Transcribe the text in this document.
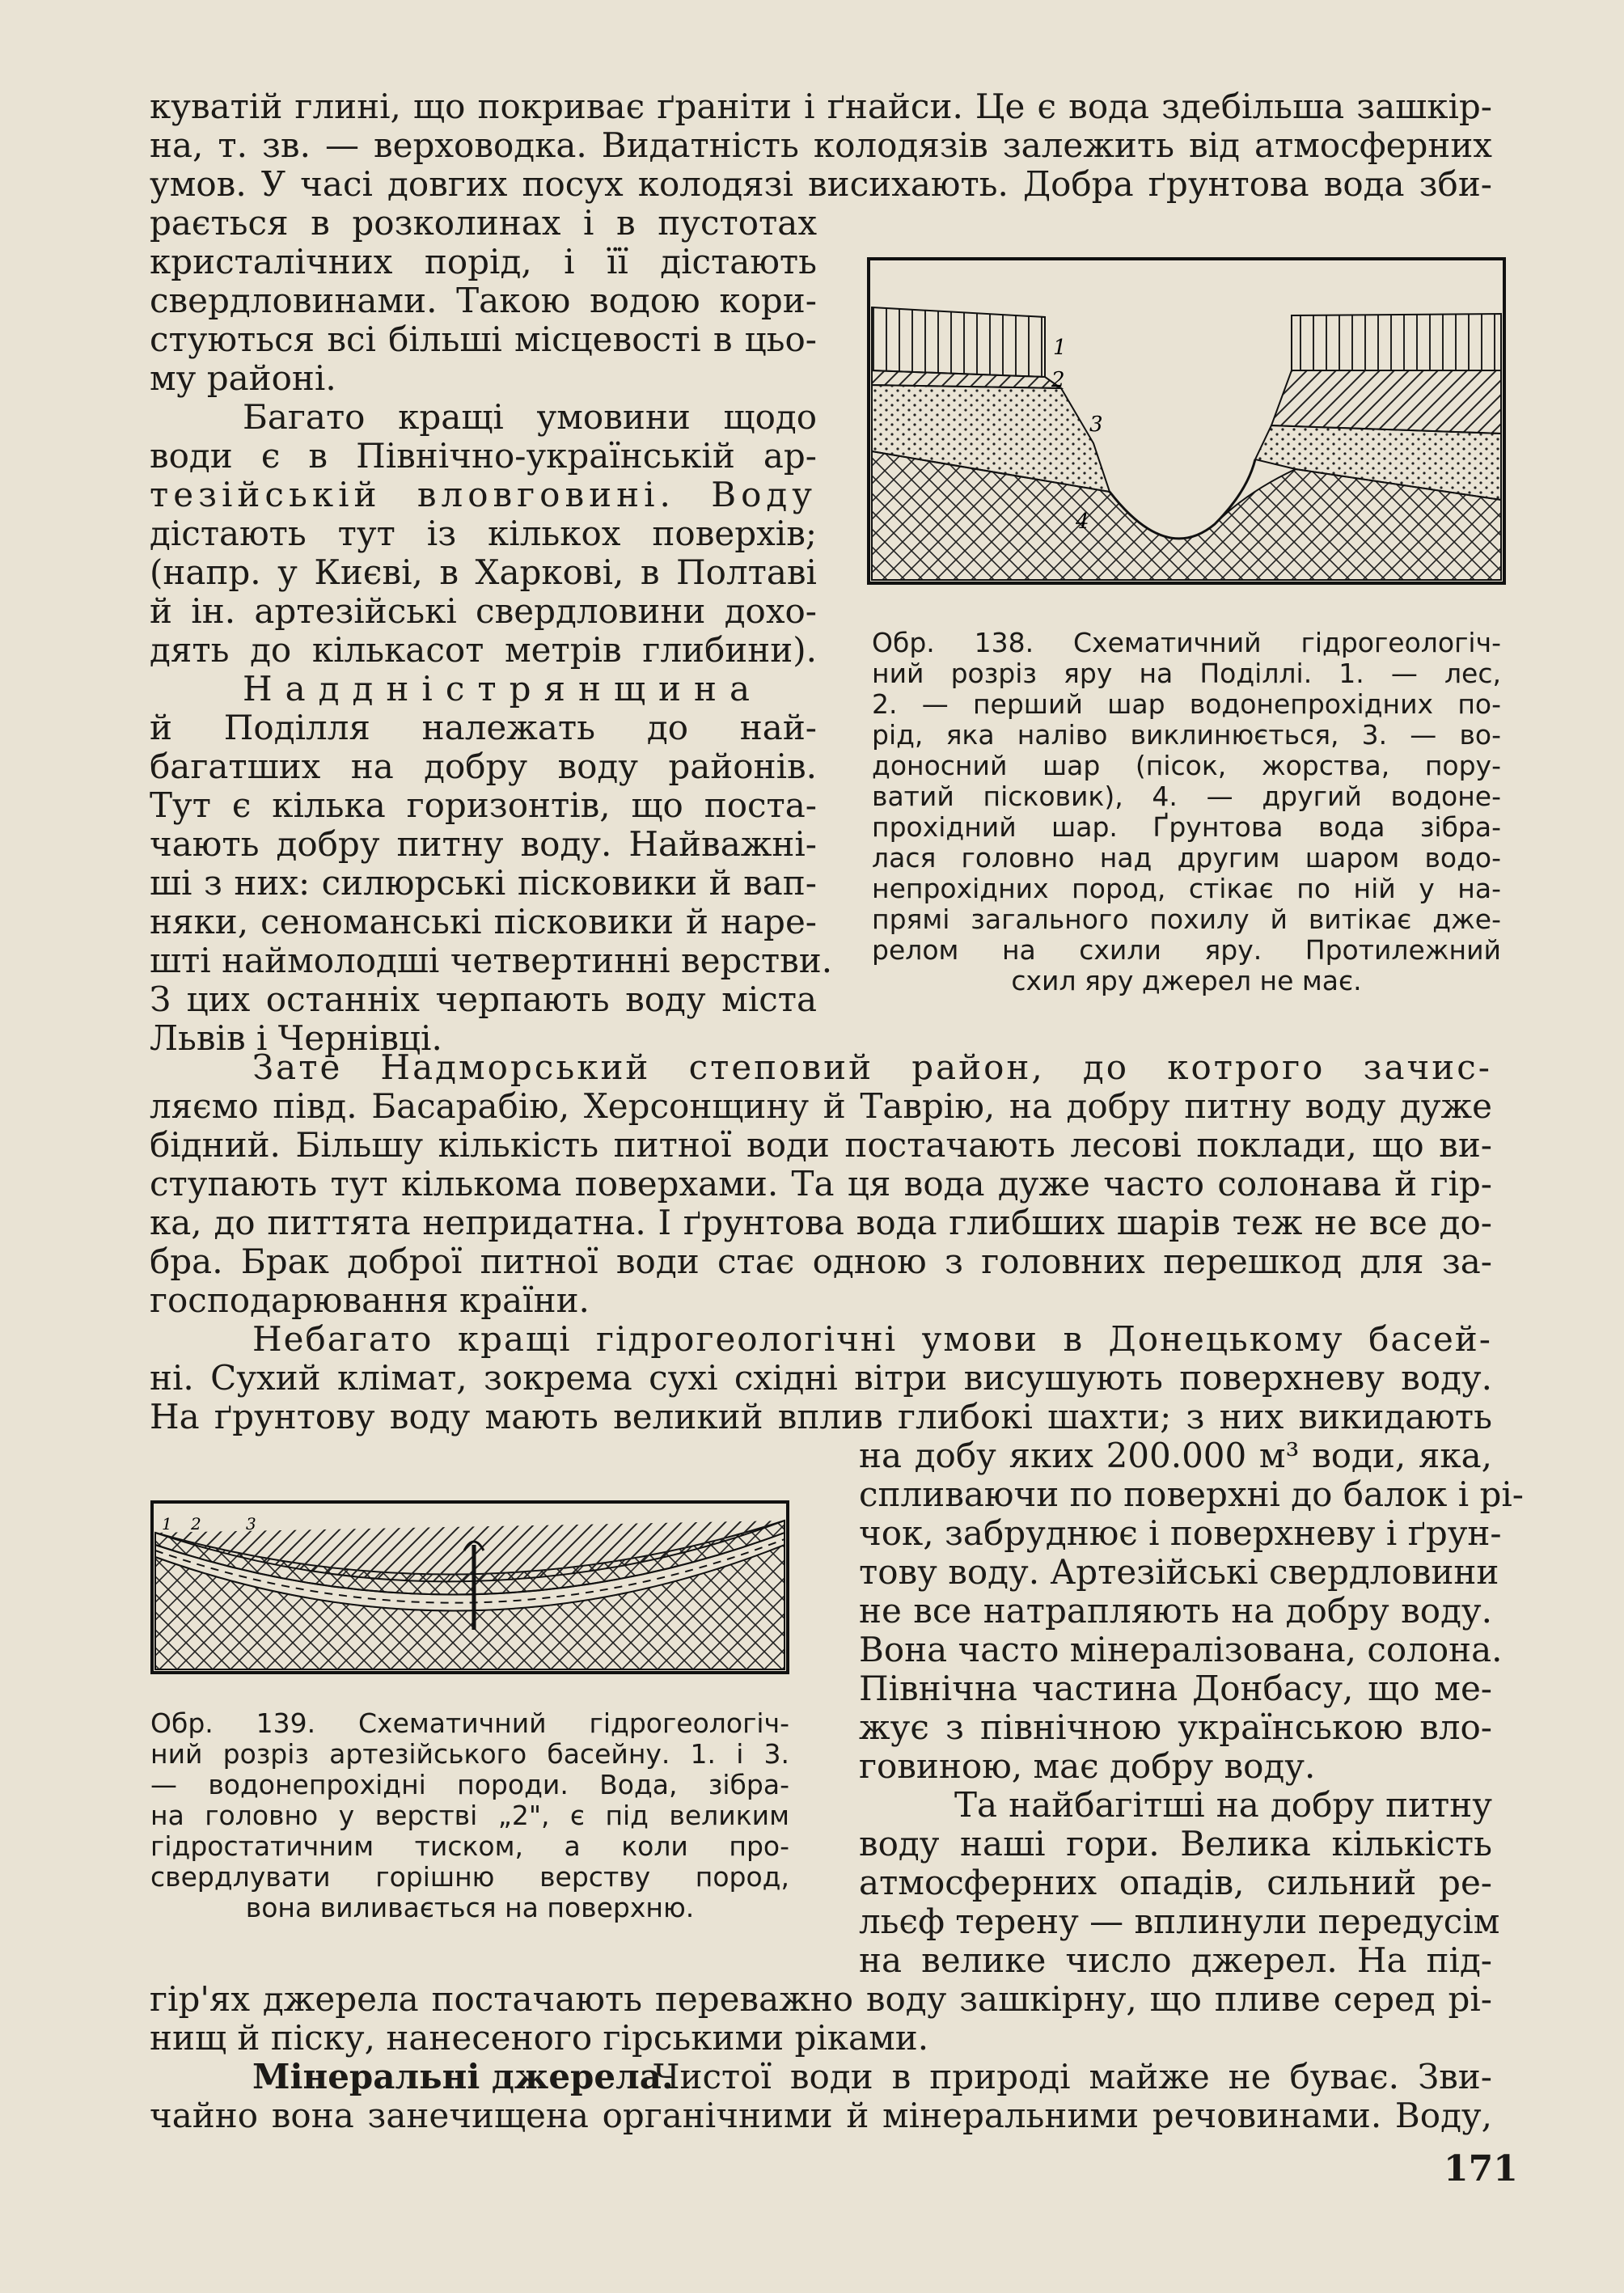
куватій глині, що покриває ґраніти і ґнайси. Це є вода здебільша зашкір-
на, т. зв. — верховодка. Видатність колодязів залежить від атмосферних
умов. У часі довгих посух колодязі висихають. Добра ґрунтова вода зби-
рається в розколинах і в пустотах
кристалічних порід, і її дістають
свердловинами. Такою водою кори-
стуються всі більші місцевості в цьо-
му районі.
Багато кращі умовини щодо
води є в Північно-українській ар-
тезійській вловговині. Воду
дістають тут із кількох поверхів;
(напр. у Києві, в Харкові, в Полтаві
й ін. артезійські свердловини дохо-
дять до кількасот метрів глибини).
Наддністрянщина
й Поділля належать до най-
багатших на добру воду районів.
Тут є кілька горизонтів, що поста-
чають добру питну воду. Найважні-
ші з них: силюрські пісковики й вап-
няки, сеноманські пісковики й наре-
шті наймолодші четвертинні верстви.
З цих останніх черпають воду міста
Львів і Чернівці.
1
2
3
4
Обр. 138. Схематичний гідрогеологіч-
ний розріз яру на Поділлі. 1. — лес,
2. — перший шар водонепрохідних по-
рід, яка наліво виклинюється, 3. — во-
доносний шар (пісок, жорства, пору-
ватий пісковик), 4. — другий водоне-
прохідний шар. Ґрунтова вода зібра-
лася головно над другим шаром водо-
непрохідних пород, стікає по ній у на-
прямі загального похилу й витікає дже-
релом на схили яру. Протилежний
схил яру джерел не має.
Зате Надморський степовий район, до котрого зачис-
ляємо півд. Басарабію, Херсонщину й Таврію, на добру питну воду дуже
бідний. Більшу кількість питної води постачають лесові поклади, що ви-
ступають тут кількома поверхами. Та ця вода дуже часто солонава й гір-
ка, до питтята непридатна. І ґрунтова вода глибших шарів теж не все до-
бра. Брак доброї питної води стає одною з головних перешкод для за-
господарювання країни.
Небагато кращі гідрогеологічні умови в Донецькому басей-
ні. Сухий клімат, зокрема сухі східні вітри висушують поверхневу воду.
На ґрунтову воду мають великий вплив глибокі шахти; з них викидають
на добу яких 200.000 м³ води, яка,
спливаючи по поверхні до балок і рі-
чок, забруднює і поверхневу і ґрун-
тову воду. Артезійські свердловини
не все натрапляють на добру воду.
Вона часто мінералізована, солона.
Північна частина Донбасу, що ме-
жує з північною українською вло-
говиною, має добру воду.
Та найбагітші на добру питну
воду наші гори. Велика кількість
атмосферних опадів, сильний ре-
льєф терену — вплинули передусім
на велике число джерел. На під-
1 2	3
Обр. 139. Схематичний гідрогеологіч-
ний розріз артезійського басейну. 1. і 3.
— водонепрохідні породи. Вода, зібра-
на головно у верстві „2", є під великим
гідростатичним тиском, а коли про-
свердлувати горішню верству пород,
вона виливається на поверхню.
гір'ях джерела постачають переважно воду зашкірну, що пливе серед рі-
нищ й піску, нанесеного гірськими ріками.
Мінеральні джерела.
Чистої води в природі майже не буває. Зви-
чайно вона занечищена органічними й мінеральними речовинами. Воду,
171
